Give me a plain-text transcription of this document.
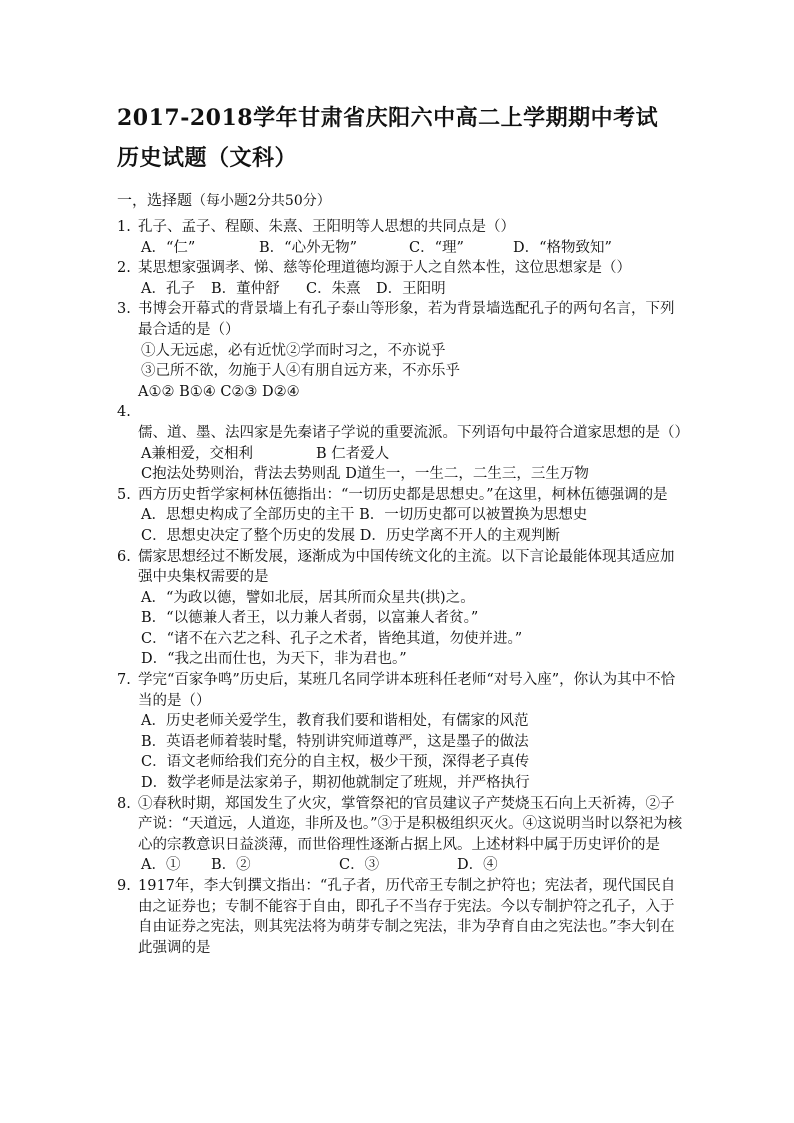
2017-2018学年甘肃省庆阳六中高二上学期期中考试
历史试题（文科）
一，选择题（每小题2分共50分）
1. 孔子、孟子、程颐、朱熹、王阳明等人思想的共同点是（）
A．“仁”	B．“心外无物”	C．“理”	D．“格物致知”
2. 某思想家强调孝、悌、慈等伦理道德均源于人之自然本性，这位思想家是（）
A．孔子 B．董仲舒 C．朱熹 D．王阳明
3. 书博会开幕式的背景墙上有孔子泰山等形象，若为背景墙选配孔子的两句名言，下列最合适的是（）
①人无远虑，必有近忧②学而时习之，不亦说乎
③己所不欲，勿施于人④有朋自远方来，不亦乐乎
A①② B①④ C②③ D②④
4.儒、道、墨、法四家是先秦诸子学说的重要流派。下列语句中最符合道家思想的是（）
A兼相爱，交相利	B 仁者爱人
C抱法处势则治，背法去势则乱 D道生一，一生二，二生三，三生万物
5. 西方历史哲学家柯林伍德指出：“一切历史都是思想史。”在这里，柯林伍德强调的是
A．思想史构成了全部历史的主干 B．一切历史都可以被置换为思想史
C．思想史决定了整个历史的发展 D．历史学离不开人的主观判断
6. 儒家思想经过不断发展，逐渐成为中国传统文化的主流。以下言论最能体现其适应加强中央集权需要的是
A．“为政以德，譬如北辰，居其所而众星共(拱)之。
B．“以德兼人者王，以力兼人者弱，以富兼人者贫。”
C．“诸不在六艺之科、孔子之术者，皆绝其道，勿使并进。”
D．“我之出而仕也，为天下，非为君也。”
7. 学完“百家争鸣”历史后，某班几名同学讲本班科任老师“对号入座”，你认为其中不恰当的是（）
A．历史老师关爱学生，教育我们要和谐相处，有儒家的风范
B．英语老师着装时髦，特别讲究师道尊严，这是墨子的做法
C．语文老师给我们充分的自主权，极少干预，深得老子真传
D．数学老师是法家弟子，期初他就制定了班规，并严格执行
8. ①春秋时期，郑国发生了火灾，掌管祭祀的官员建议子产焚烧玉石向上天祈祷，②子产说：“天道远，人道迩，非所及也。”③于是积极组织灭火。④这说明当时以祭祀为核心的宗教意识日益淡薄，而世俗理性逐渐占据上风。上述材料中属于历史评价的是
A．① B．②	C．③	D．④
9. 1917年，李大钊撰文指出：“孔子者，历代帝王专制之护符也；宪法者，现代国民自由之证券也；专制不能容于自由，即孔子不当存于宪法。今以专制护符之孔子，入于自由证券之宪法，则其宪法将为萌芽专制之宪法，非为孕育自由之宪法也。”李大钊在此强调的是
